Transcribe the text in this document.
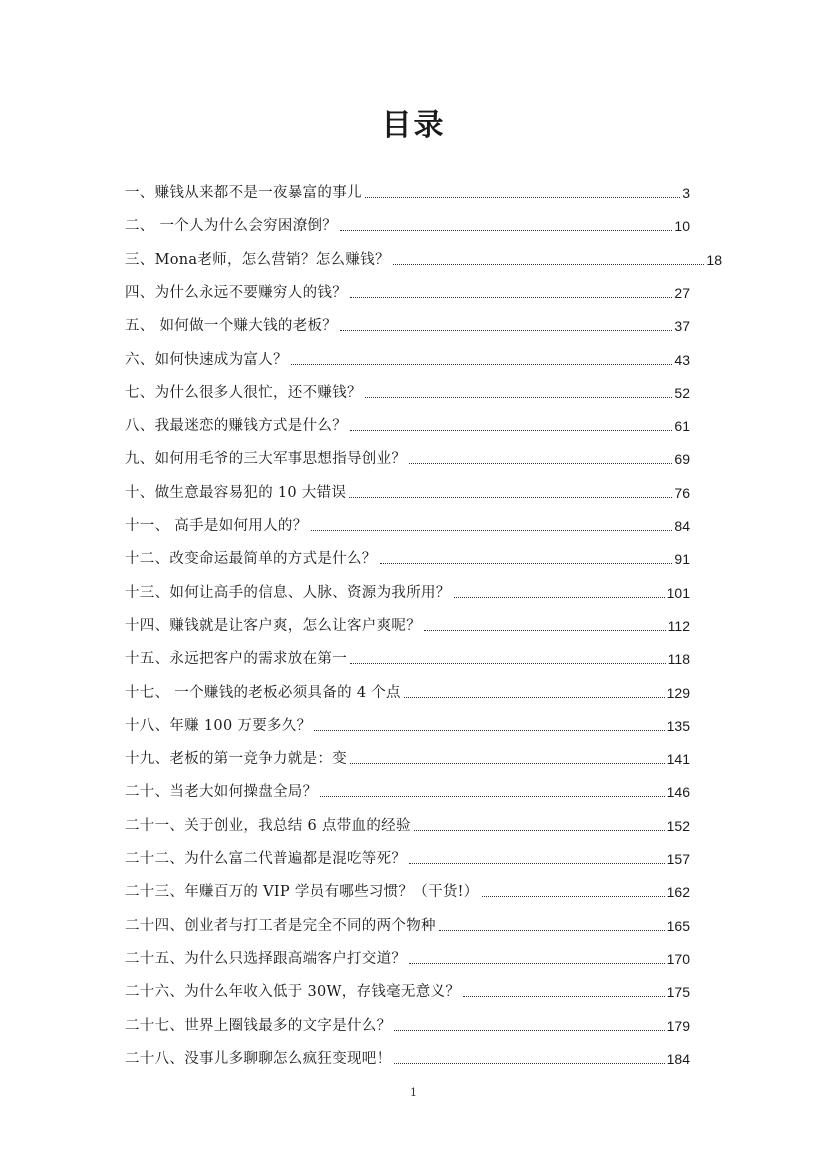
目录
一、赚钱从来都不是一夜暴富的事儿	3
二、 一个人为什么会穷困潦倒？	10
三、Mona老师，怎么营销？怎么赚钱？	18
四、为什么永远不要赚穷人的钱？	27
五、 如何做一个赚大钱的老板？	37
六、如何快速成为富人？	43
七、为什么很多人很忙，还不赚钱？	52
八、我最迷恋的赚钱方式是什么？	61
九、如何用毛爷的三大军事思想指导创业？	69
十、做生意最容易犯的 10 大错误	76
十一、 高手是如何用人的？	84
十二、改变命运最简单的方式是什么？	91
十三、如何让高手的信息、人脉、资源为我所用？	101
十四、赚钱就是让客户爽，怎么让客户爽呢？	112
十五、永远把客户的需求放在第一	118
十七、 一个赚钱的老板必须具备的 4 个点	129
十八、年赚 100 万要多久？	135
十九、老板的第一竞争力就是：变	141
二十、当老大如何操盘全局？	146
二十一、关于创业，我总结 6 点带血的经验	152
二十二、为什么富二代普遍都是混吃等死？	157
二十三、年赚百万的 VIP 学员有哪些习惯？（干货!）	162
二十四、创业者与打工者是完全不同的两个物种	165
二十五、为什么只选择跟高端客户打交道？	170
二十六、为什么年收入低于 30W，存钱毫无意义？	175
二十七、世界上圈钱最多的文字是什么？	179
二十八、没事儿多聊聊怎么疯狂变现吧！	184
1
